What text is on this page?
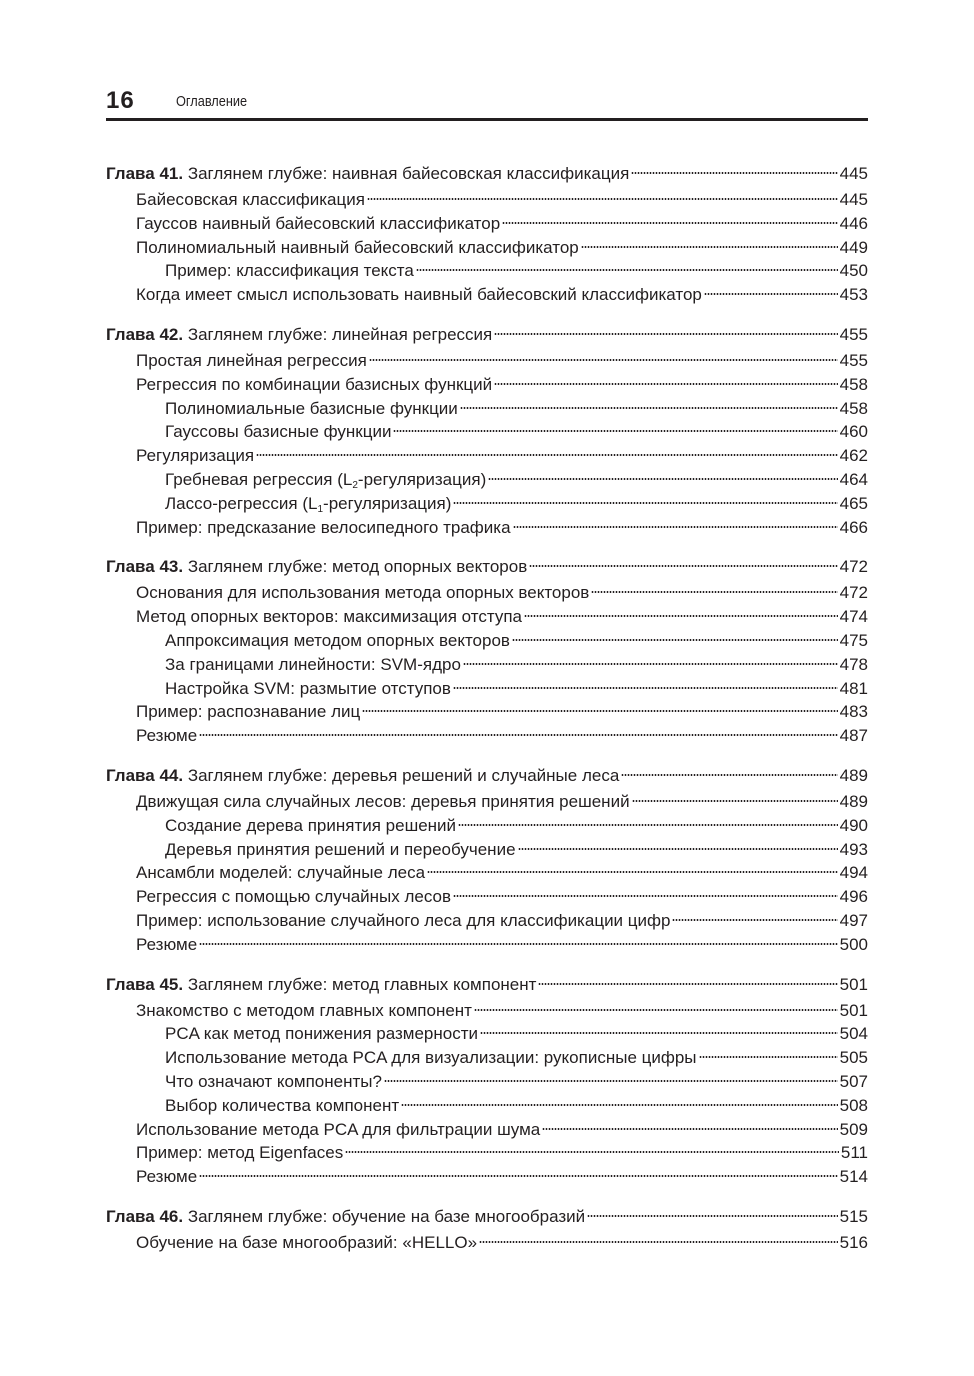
16	Оглавление
Глава 41. Заглянем глубже: наивная байесовская классификация	445
Байесовская классификация	445
Гауссов наивный байесовский классификатор	446
Полиномиальный наивный байесовский классификатор	449
Пример: классификация текста	450
Когда имеет смысл использовать наивный байесовский классификатор	453
Глава 42. Заглянем глубже: линейная регрессия	455
Простая линейная регрессия	455
Регрессия по комбинации базисных функций	458
Полиномиальные базисные функции	458
Гауссовы базисные функции	460
Регуляризация	462
Гребневая регрессия $(L_2-регуляризация)$	464
Лассо-регрессия $(L_1-регуляризация)$	465
Пример: предсказание велосипедного трафика	466
Глава 43. Заглянем глубже: метод опорных векторов	472
Основания для использования метода опорных векторов	472
Метод опорных векторов: максимизация отступа	474
Аппроксимация методом опорных векторов	475
За границами линейности: SVM-ядро	478
Настройка SVM: размытие отступов	481
Пример: распознавание лиц	483
Резюме	487
Глава 44. Заглянем глубже: деревья решений и случайные леса	489
Движущая сила случайных лесов: деревья принятия решений	489
Создание дерева принятия решений	490
Деревья принятия решений и переобучение	493
Ансамбли моделей: случайные леса	494
Регрессия с помощью случайных лесов	496
Пример: использование случайного леса для классификации цифр	497
Резюме	500
Глава 45. Заглянем глубже: метод главных компонент	501
Знакомство с методом главных компонент	501
PCA как метод понижения размерности	504
Использование метода PCA для визуализации: рукописные цифры	505
Что означают компоненты?	507
Выбор количества компонент	508
Использование метода PCA для фильтрации шума	509
Пример: метод Eigenfaces	511
Резюме	514
Глава 46. Заглянем глубже: обучение на базе многообразий	515
Обучение на базе многообразий: «HELLO»	516
